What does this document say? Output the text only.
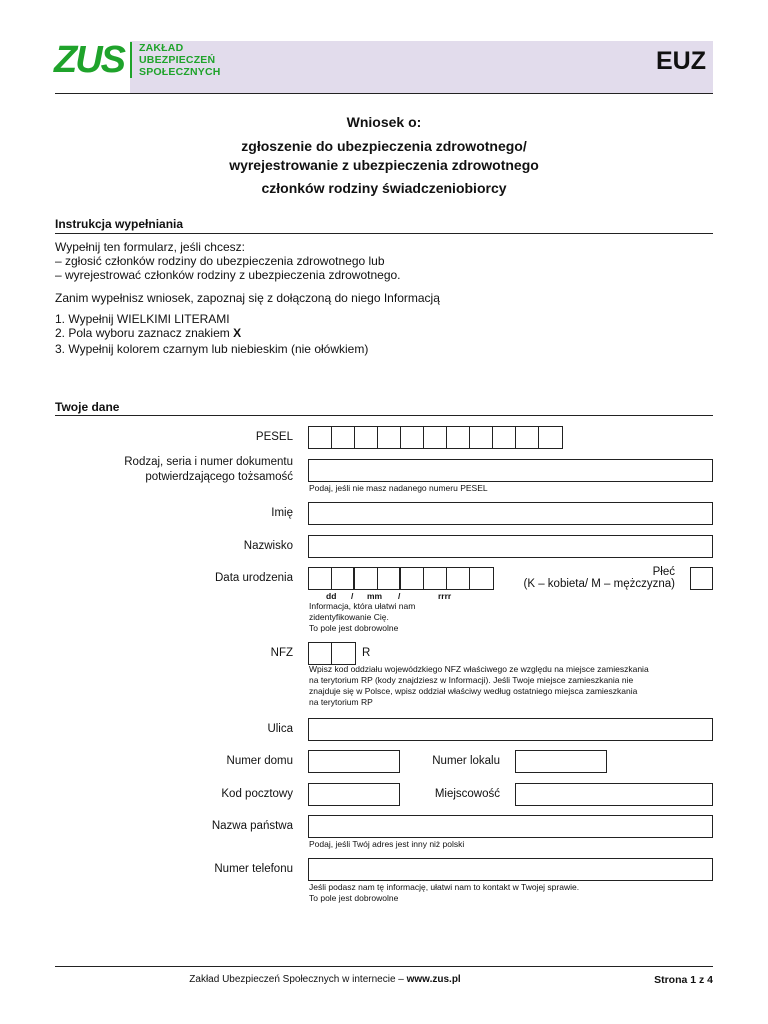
ZUS ZAKŁAD
UBEZPIECZEŃ
SPOŁECZNYCH	EUZ
Wniosek o:
zgłoszenie do ubezpieczenia zdrowotnego/
wyrejestrowanie z ubezpieczenia zdrowotnego
członków rodziny świadczeniobiorcy
Instrukcja wypełniania
Wypełnij ten formularz, jeśli chcesz:
– zgłosić członków rodziny do ubezpieczenia zdrowotnego lub
– wyrejestrować członków rodziny z ubezpieczenia zdrowotnego.
Zanim wypełnisz wniosek, zapoznaj się z dołączoną do niego Informacją
1. Wypełnij WIELKIMI LITERAMI
2. Pola wyboru zaznacz znakiem X
3. Wypełnij kolorem czarnym lub niebieskim (nie ołówkiem)
Twoje dane
PESEL
Rodzaj, seria i numer dokumentu
potwierdzającego tożsamość
Podaj, jeśli nie masz nadanego numeru PESEL
Imię
Nazwisko
Data urodzenia
dd / mm /	rrrr
Informacja, która ułatwi nam
zidentyfikowanie Cię.
To pole jest dobrowolne
Płeć
(K – kobieta/ M – mężczyzna)
NFZ	R
Wpisz kod oddziału wojewódzkiego NFZ właściwego ze względu na miejsce zamieszkania
na terytorium RP (kody znajdziesz w Informacji). Jeśli Twoje miejsce zamieszkania nie
znajduje się w Polsce, wpisz oddział właściwy według ostatniego miejsca zamieszkania
na terytorium RP
Ulica
Numer domu	Numer lokalu
Kod pocztowy	Miejscowość
Nazwa państwa
Podaj, jeśli Twój adres jest inny niż polski
Numer telefonu
Jeśli podasz nam tę informację, ułatwi nam to kontakt w Twojej sprawie.
To pole jest dobrowolne
Zakład Ubezpieczeń Społecznych w internecie – www.zus.pl	Strona 1 z 4
